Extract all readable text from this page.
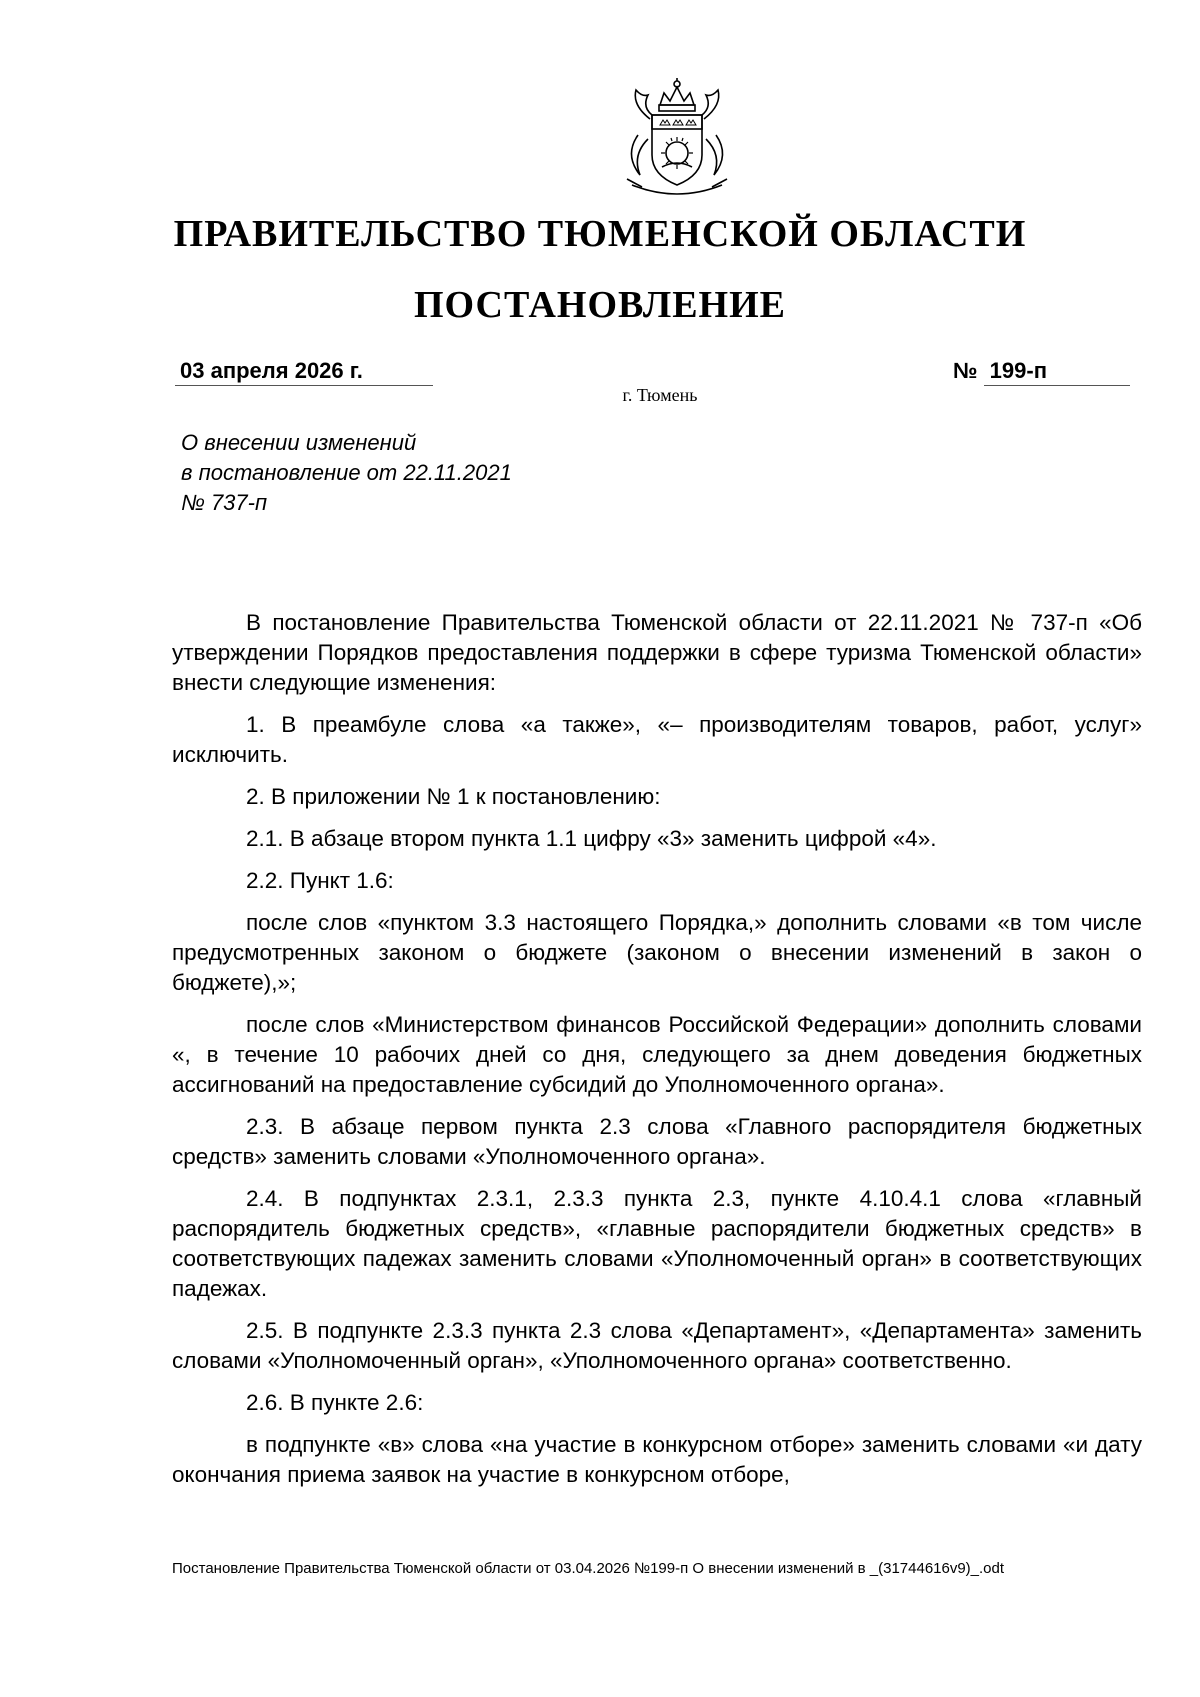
ПРАВИТЕЛЬСТВО ТЮМЕНСКОЙ ОБЛАСТИ
ПОСТАНОВЛЕНИЕ
03 апреля 2026 г.	№ 199-п
г. Тюмень
О внесении изменений
в постановление от 22.11.2021
№ 737-п

В постановление Правительства Тюменской области от 22.11.2021 № 737-п «Об утверждении Порядков предоставления поддержки в сфере туризма Тюменской области» внести следующие изменения:

1. В преамбуле слова «а также», «– производителям товаров, работ, услуг» исключить.

2. В приложении № 1 к постановлению:

2.1. В абзаце втором пункта 1.1 цифру «3» заменить цифрой «4».

2.2. Пункт 1.6:

после слов «пунктом 3.3 настоящего Порядка,» дополнить словами «в том числе предусмотренных законом о бюджете (законом о внесении изменений в закон о бюджете),»;

после слов «Министерством финансов Российской Федерации» дополнить словами «, в течение 10 рабочих дней со дня, следующего за днем доведения бюджетных ассигнований на предоставление субсидий до Уполномоченного органа».

2.3. В абзаце первом пункта 2.3 слова «Главного распорядителя бюджетных средств» заменить словами «Уполномоченного органа».

2.4. В подпунктах 2.3.1, 2.3.3 пункта 2.3, пункте 4.10.4.1 слова «главный распорядитель бюджетных средств», «главные распорядители бюджетных средств» в соответствующих падежах заменить словами «Уполномоченный орган» в соответствующих падежах.

2.5. В подпункте 2.3.3 пункта 2.3 слова «Департамент», «Департамента» заменить словами «Уполномоченный орган», «Уполномоченного органа» соответственно.

2.6. В пункте 2.6:

в подпункте «в» слова «на участие в конкурсном отборе» заменить словами «и дату окончания приема заявок на участие в конкурсном отборе,

Постановление Правительства Тюменской области от 03.04.2026 №199-п О внесении изменений в _(31744616v9)_.odt
